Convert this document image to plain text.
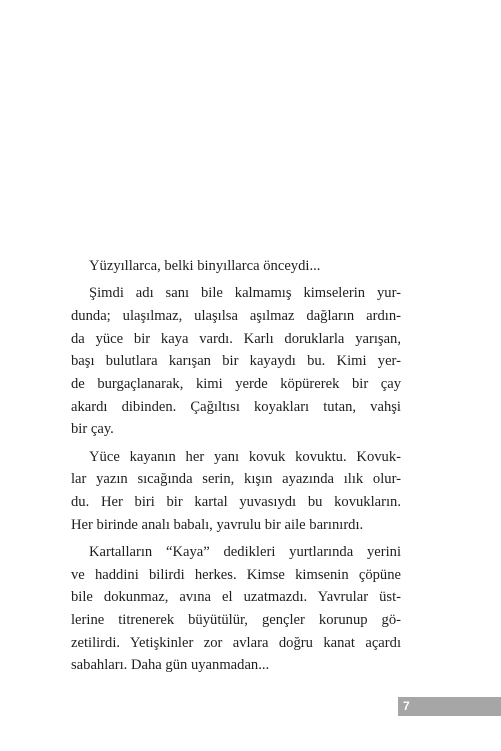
Yüzyıllarca, belki binyıllarca önceydi...

Şimdi adı sanı bile kalmamış kimselerin yur-
dunda; ulaşılmaz, ulaşılsa aşılmaz dağların ardın-
da yüce bir kaya vardı. Karlı doruklarla yarışan,
başı bulutlara karışan bir kayaydı bu. Kimi yer-
de burgaçlanarak, kimi yerde köpürerek bir çay
akardı dibinden. Çağıltısı koyakları tutan, vahşi
bir çay.

Yüce kayanın her yanı kovuk kovuktu. Kovuk-
lar yazın sıcağında serin, kışın ayazında ılık olur-
du. Her biri bir kartal yuvasıydı bu kovukların.
Her birinde analı babalı, yavrulu bir aile barınırdı.

Kartalların “Kaya” dedikleri yurtlarında yerini
ve haddini bilirdi herkes. Kimse kimsenin çöpüne
bile dokunmaz, avına el uzatmazdı. Yavrular üst-
lerine titrenerek büyütülür, gençler korunup gö-
zetilirdi. Yetişkinler zor avlara doğru kanat açardı
sabahları. Daha gün uyanmadan...

7
